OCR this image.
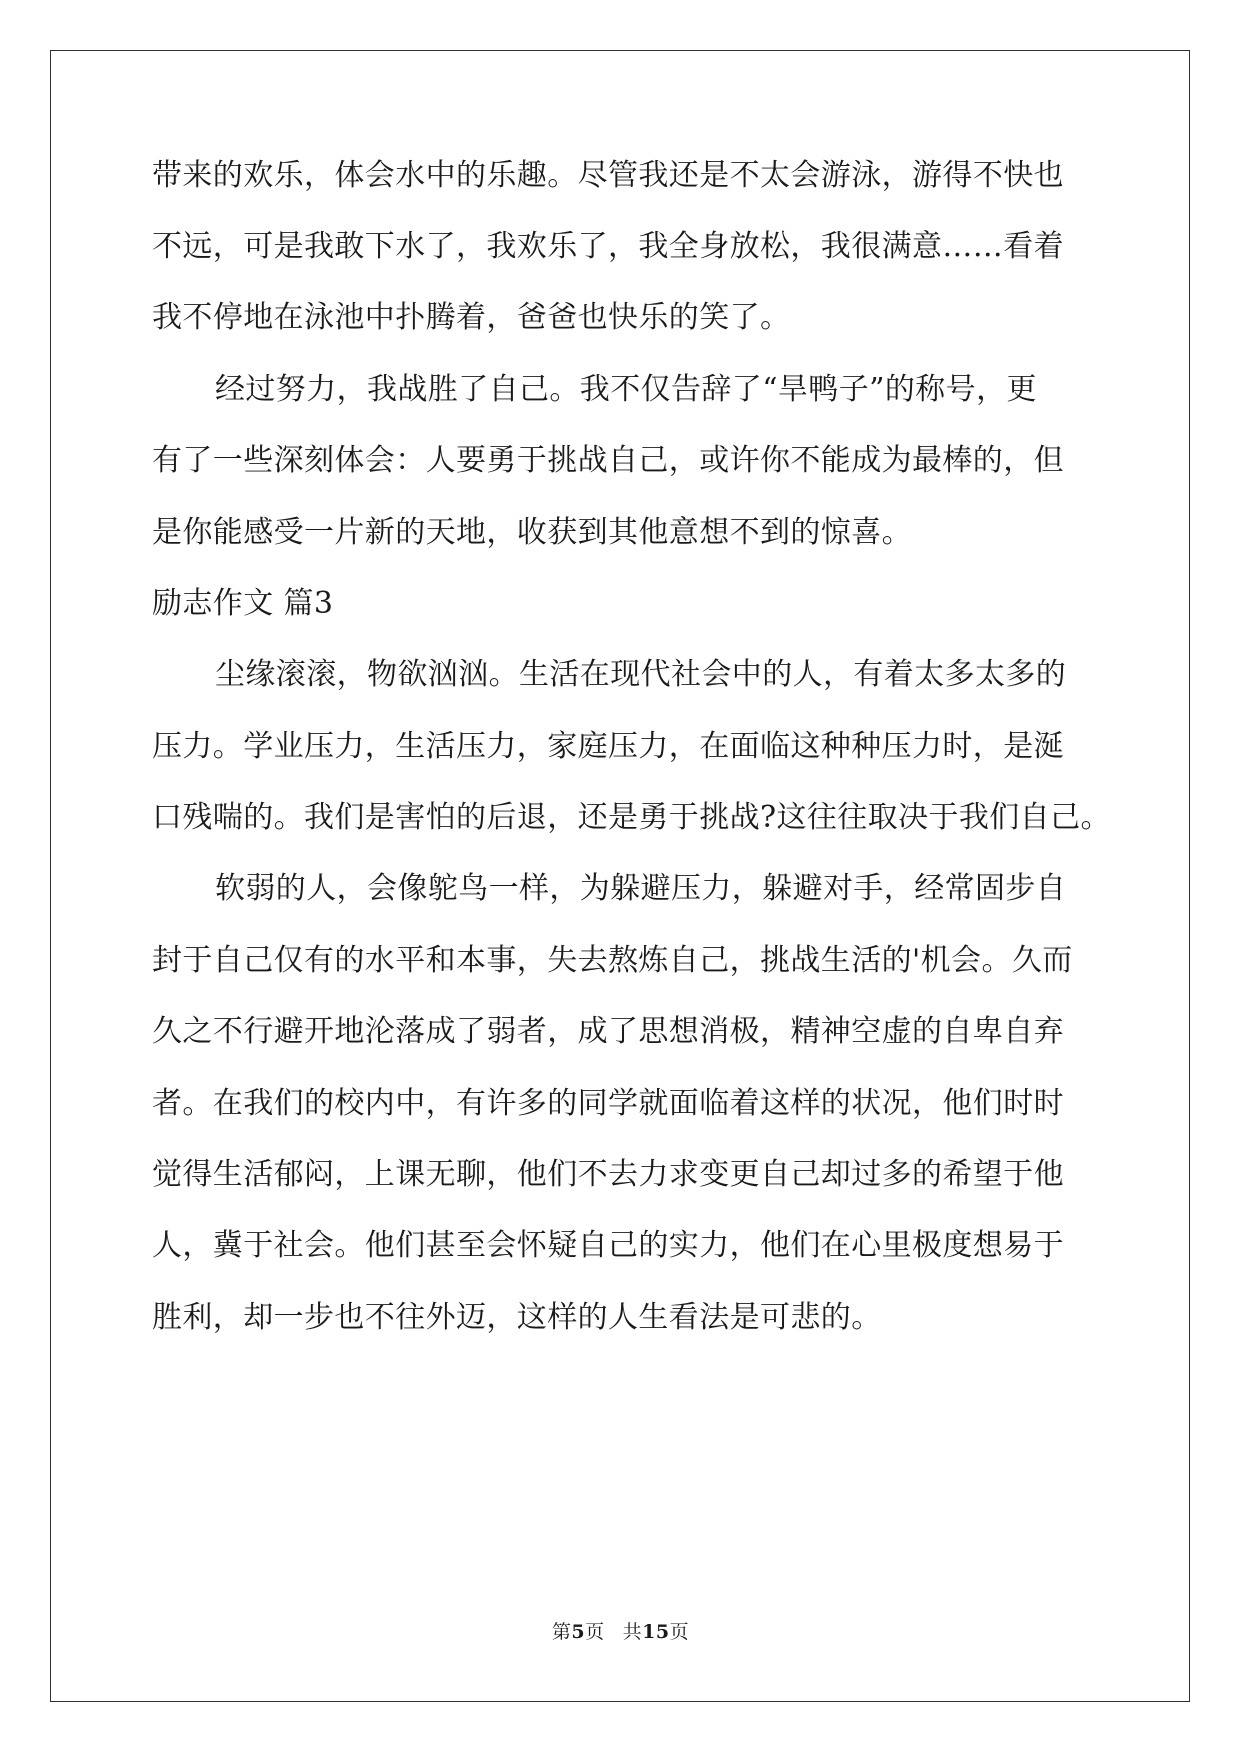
带来的欢乐，体会水中的乐趣。尽管我还是不太会游泳，游得不快也
不远，可是我敢下水了，我欢乐了，我全身放松，我很满意……看着
我不停地在泳池中扑腾着，爸爸也快乐的笑了。
经过努力，我战胜了自己。我不仅告辞了“旱鸭子”的称号，更
有了一些深刻体会：人要勇于挑战自己，或许你不能成为最棒的，但
是你能感受一片新的天地，收获到其他意想不到的惊喜。
励志作文 篇3
尘缘滚滚，物欲汹汹。生活在现代社会中的人，有着太多太多的
压力。学业压力，生活压力，家庭压力，在面临这种种压力时，是涎
口残喘的。我们是害怕的后退，还是勇于挑战?这往往取决于我们自己。
软弱的人，会像鸵鸟一样，为躲避压力，躲避对手，经常固步自
封于自己仅有的水平和本事，失去熬炼自己，挑战生活的'机会。久而
久之不行避开地沦落成了弱者，成了思想消极，精神空虚的自卑自弃
者。在我们的校内中，有许多的同学就面临着这样的状况，他们时时
觉得生活郁闷，上课无聊，他们不去力求变更自己却过多的希望于他
人，冀于社会。他们甚至会怀疑自己的实力，他们在心里极度想易于
胜利，却一步也不往外迈，这样的人生看法是可悲的。
第5页 共15页
